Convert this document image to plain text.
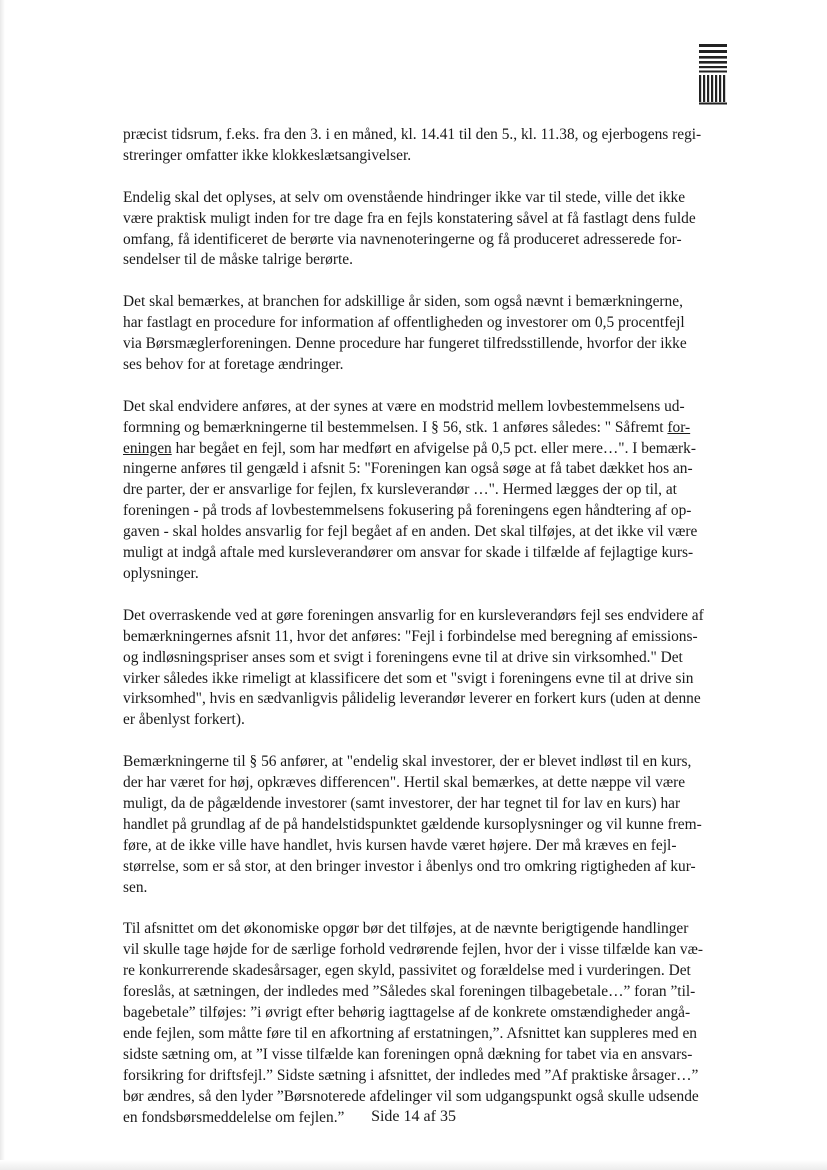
præcist tidsrum, f.eks. fra den 3. i en måned, kl. 14.41 til den 5., kl. 11.38, og ejerbogens regi-
streringer omfatter ikke klokkeslætsangivelser.

Endelig skal det oplyses, at selv om ovenstående hindringer ikke var til stede, ville det ikke
være praktisk muligt inden for tre dage fra en fejls konstatering såvel at få fastlagt dens fulde
omfang, få identificeret de berørte via navnenoteringerne og få produceret adresserede for-
sendelser til de måske talrige berørte.

Det skal bemærkes, at branchen for adskillige år siden, som også nævnt i bemærkningerne,
har fastlagt en procedure for information af offentligheden og investorer om 0,5 procentfejl
via Børsmæglerforeningen. Denne procedure har fungeret tilfredsstillende, hvorfor der ikke
ses behov for at foretage ændringer.

Det skal endvidere anføres, at der synes at være en modstrid mellem lovbestemmelsens ud-
formning og bemærkningerne til bestemmelsen. I § 56, stk. 1 anføres således: " Såfremt for-
eningen har begået en fejl, som har medført en afvigelse på 0,5 pct. eller mere…". I bemærk-
ningerne anføres til gengæld i afsnit 5: "Foreningen kan også søge at få tabet dækket hos an-
dre parter, der er ansvarlige for fejlen, fx kursleverandør …". Hermed lægges der op til, at
foreningen - på trods af lovbestemmelsens fokusering på foreningens egen håndtering af op-
gaven - skal holdes ansvarlig for fejl begået af en anden. Det skal tilføjes, at det ikke vil være
muligt at indgå aftale med kursleverandører om ansvar for skade i tilfælde af fejlagtige kurs-
oplysninger.

Det overraskende ved at gøre foreningen ansvarlig for en kursleverandørs fejl ses endvidere af
bemærkningernes afsnit 11, hvor det anføres: "Fejl i forbindelse med beregning af emissions-
og indløsningspriser anses som et svigt i foreningens evne til at drive sin virksomhed." Det
virker således ikke rimeligt at klassificere det som et "svigt i foreningens evne til at drive sin
virksomhed", hvis en sædvanligvis pålidelig leverandør leverer en forkert kurs (uden at denne
er åbenlyst forkert).

Bemærkningerne til § 56 anfører, at "endelig skal investorer, der er blevet indløst til en kurs,
der har været for høj, opkræves differencen". Hertil skal bemærkes, at dette næppe vil være
muligt, da de pågældende investorer (samt investorer, der har tegnet til for lav en kurs) har
handlet på grundlag af de på handelstidspunktet gældende kursoplysninger og vil kunne frem-
føre, at de ikke ville have handlet, hvis kursen havde været højere. Der må kræves en fejl-
størrelse, som er så stor, at den bringer investor i åbenlys ond tro omkring rigtigheden af kur-
sen.

Til afsnittet om det økonomiske opgør bør det tilføjes, at de nævnte berigtigende handlinger
vil skulle tage højde for de særlige forhold vedrørende fejlen, hvor der i visse tilfælde kan væ-
re konkurrerende skadesårsager, egen skyld, passivitet og forældelse med i vurderingen. Det
foreslås, at sætningen, der indledes med ”Således skal foreningen tilbagebetale…” foran ”til-
bagebetale” tilføjes: ”i øvrigt efter behørig iagttagelse af de konkrete omstændigheder angå-
ende fejlen, som måtte føre til en afkortning af erstatningen,”. Afsnittet kan suppleres med en
sidste sætning om, at ”I visse tilfælde kan foreningen opnå dækning for tabet via en ansvars-
forsikring for driftsfejl.” Sidste sætning i afsnittet, der indledes med ”Af praktiske årsager…”
bør ændres, så den lyder ”Børsnoterede afdelinger vil som udgangspunkt også skulle udsende
en fondsbørsmeddelelse om fejlen.”	Side 14 af 35
